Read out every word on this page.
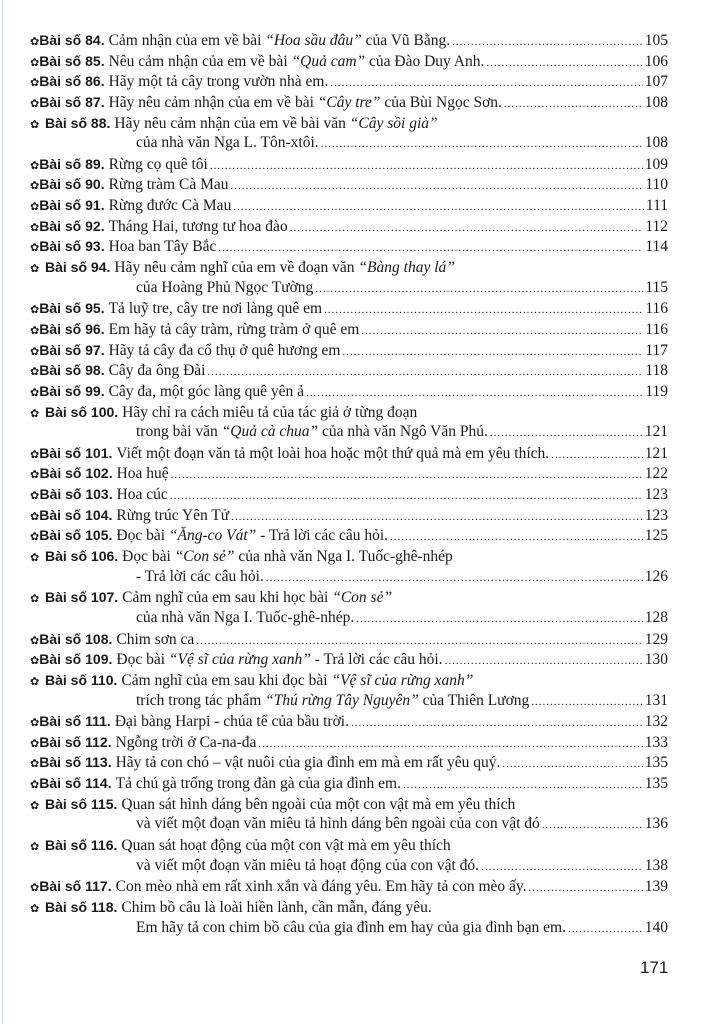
✿ Bài số 84. Cảm nhận của em về bài “Hoa sầu đâu” của Vũ Bằng. .....	105
✿ Bài số 85. Nêu cảm nhận của em về bài “Quả cam” của Đào Duy Anh. .....	106
✿ Bài số 86. Hãy một tả cây trong vườn nhà em. .....	107
✿ Bài số 87. Hãy nêu cảm nhận của em về bài “Cây tre” của Bùi Ngọc Sơn. .....	108
✿ Bài số 88. Hãy nêu cảm nhận của em về bài văn “Cây sồi già”
của nhà văn Nga L. Tôn-xtôi. .....	108
✿ Bài số 89. Rừng cọ quê tôi .....	109
✿ Bài số 90. Rừng tràm Cà Mau .....	110
✿ Bài số 91. Rừng đước Cà Mau .....	111
✿ Bài số 92. Tháng Hai, tương tư hoa đào .....	112
✿ Bài số 93. Hoa ban Tây Bắc .....	114
✿ Bài số 94. Hãy nêu cảm nghĩ của em về đoạn văn “Bàng thay lá”
của Hoàng Phủ Ngọc Tường .....	115
✿ Bài số 95. Tả luỹ tre, cây tre nơi làng quê em .....	116
✿ Bài số 96. Em hãy tả cây tràm, rừng tràm ở quê em .....	116
✿ Bài số 97. Hãy tả cây đa cổ thụ ở quê hương em .....	117
✿ Bài số 98. Cây đa ông Đài .....	118
✿ Bài số 99. Cây đa, một góc làng quê yên ả .....	119
✿ Bài số 100. Hãy chỉ ra cách miêu tả của tác giả ở từng đoạn
trong bài văn “Quả cà chua” của nhà văn Ngô Văn Phú. .....	121
✿ Bài số 101. Viết một đoạn văn tả một loài hoa hoặc một thứ quả mà em yêu thích. .....	121
✿ Bài số 102. Hoa huệ .....	122
✿ Bài số 103. Hoa cúc .....	123
✿ Bài số 104. Rừng trúc Yên Tử .....	123
✿ Bài số 105. Đọc bài “Ăng-co Vát” - Trả lời các câu hỏi. .....	125
✿ Bài số 106. Đọc bài “Con sẻ” của nhà văn Nga I. Tuốc-ghê-nhép
- Trả lời các câu hỏi. .....	126
✿ Bài số 107. Cảm nghĩ của em sau khi học bài “Con sẻ”
của nhà văn Nga I. Tuốc-ghê-nhép. .....	128
✿ Bài số 108. Chim sơn ca .....	129
✿ Bài số 109. Đọc bài “Vệ sĩ của rừng xanh” - Trả lời các câu hỏi. .....	130
✿ Bài số 110. Cảm nghĩ của em sau khi đọc bài “Vệ sĩ của rừng xanh”
trích trong tác phẩm “Thú rừng Tây Nguyên” của Thiên Lương .....	131
✿ Bài số 111. Đại bàng Harpi - chúa tể của bầu trời. .....	132
✿ Bài số 112. Ngỗng trời ở Ca-na-đa .....	133
✿ Bài số 113. Hãy tả con chó – vật nuôi của gia đình em mà em rất yêu quý. .....	135
✿ Bài số 114. Tả chú gà trống trong đàn gà của gia đình em. .....	135
✿ Bài số 115. Quan sát hình dáng bên ngoài của một con vật mà em yêu thích
và viết một đoạn văn miêu tả hình dáng bên ngoài của con vật đó .....	136
✿ Bài số 116. Quan sát hoạt động của một con vật mà em yêu thích
và viết một đoạn văn miêu tả hoạt động của con vật đó. .....	138
✿ Bài số 117. Con mèo nhà em rất xinh xắn và đáng yêu. Em hãy tả con mèo ấy. .....	139
✿ Bài số 118. Chim bồ câu là loài hiền lành, cần mẫn, đáng yêu.
Em hãy tả con chim bồ câu của gia đình em hay của gia đình bạn em. .....	140
171
